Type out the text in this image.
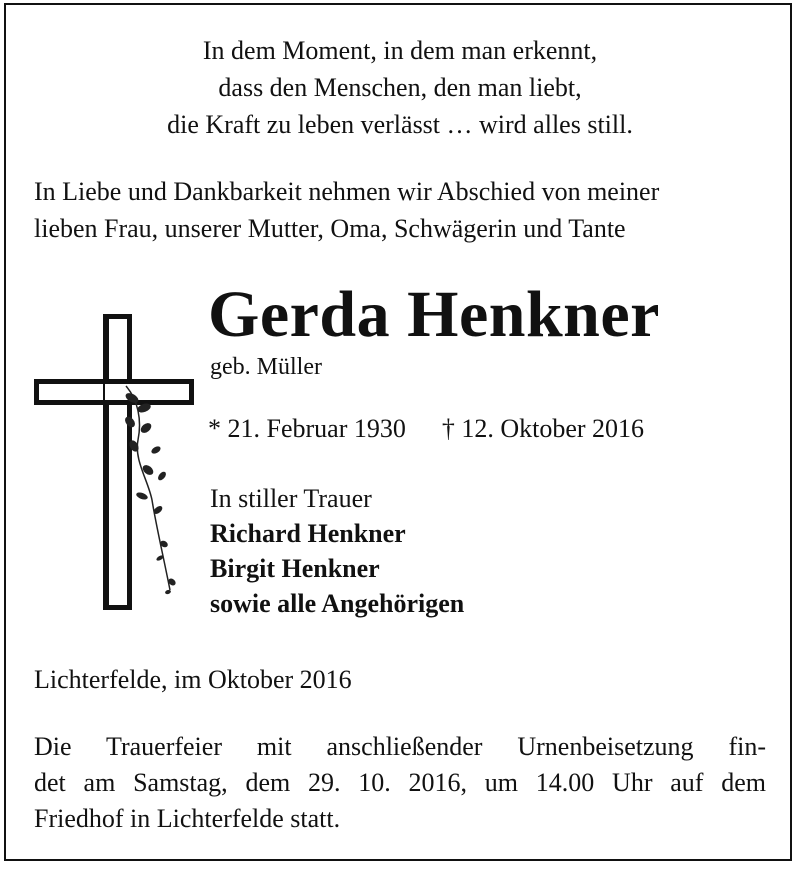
In dem Moment, in dem man erkennt,
dass den Menschen, den man liebt,
die Kraft zu leben verlässt … wird alles still.
In Liebe und Dankbarkeit nehmen wir Abschied von meiner
lieben Frau, unserer Mutter, Oma, Schwägerin und Tante
Gerda Henkner
geb. Müller
* 21. Februar 1930 † 12. Oktober 2016
In stiller Trauer
Richard Henkner
Birgit Henkner
sowie alle Angehörigen
Lichterfelde, im Oktober 2016
Die Trauerfeier mit anschließender Urnenbeisetzung fin-
det am Samstag, dem 29. 10. 2016, um 14.00 Uhr auf dem
Friedhof in Lichterfelde statt.
